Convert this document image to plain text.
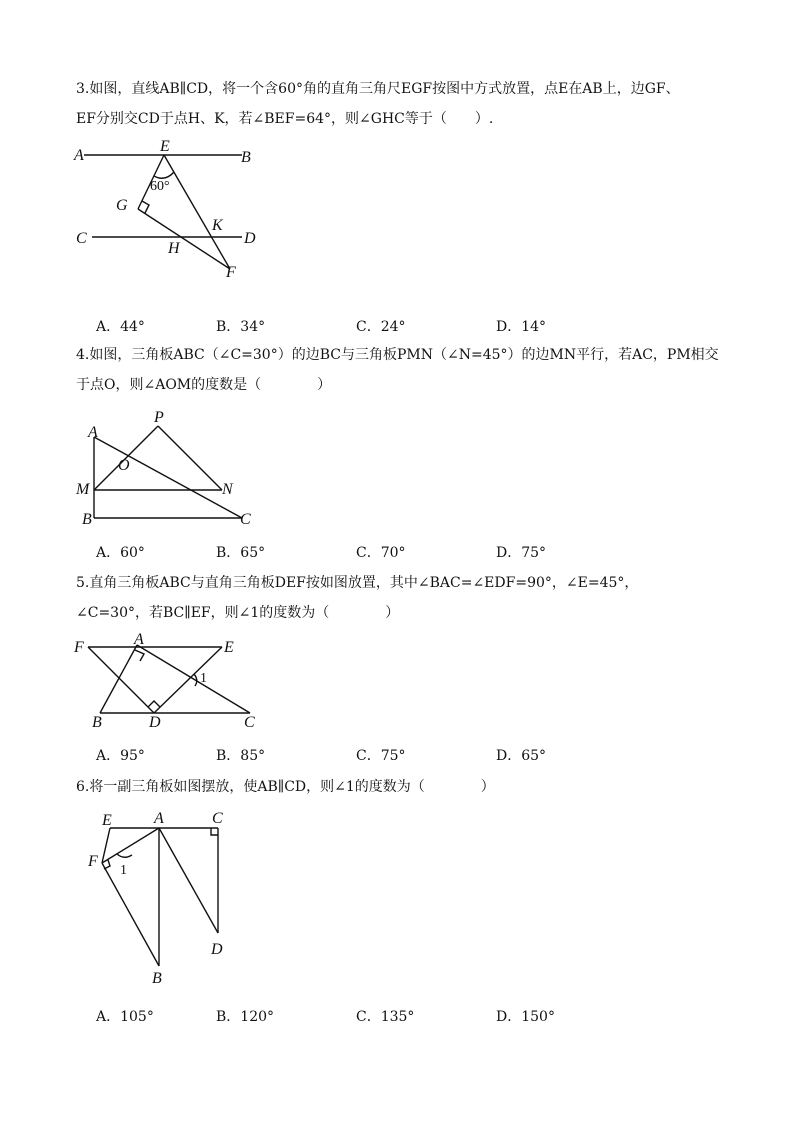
3.如图，直线AB∥CD，将一个含60°角的直角三角尺EGF按图中方式放置，点E在AB上，边GF、
EF分别交CD于点H、K，若∠BEF=64°，则∠GHC等于（　　）.
A
E
B
60°
G
K
C	D
H
F
A．44°	B．34°	C．24°	D．14°
4.如图，三角板ABC（∠C=30°）的边BC与三角板PMN（∠N=45°）的边MN平行，若AC，PM相交
于点O，则∠AOM的度数是（　　　　）
P
A
O
M	N
B	C
A．60°	B．65°	C．70°	D．75°
5.直角三角板ABC与直角三角板DEF按如图放置，其中∠BAC=∠EDF=90°，∠E=45°，
∠C=30°，若BC∥EF，则∠1的度数为（　　　　）
F	A	E
1
B	D	C
A．95°	B．85°	C．75°	D．65°
6.将一副三角板如图摆放，使AB∥CD，则∠1的度数为（　　　　）
E	A	C
F
1
D
B
A．105°	B．120°	C．135°	D．150°
